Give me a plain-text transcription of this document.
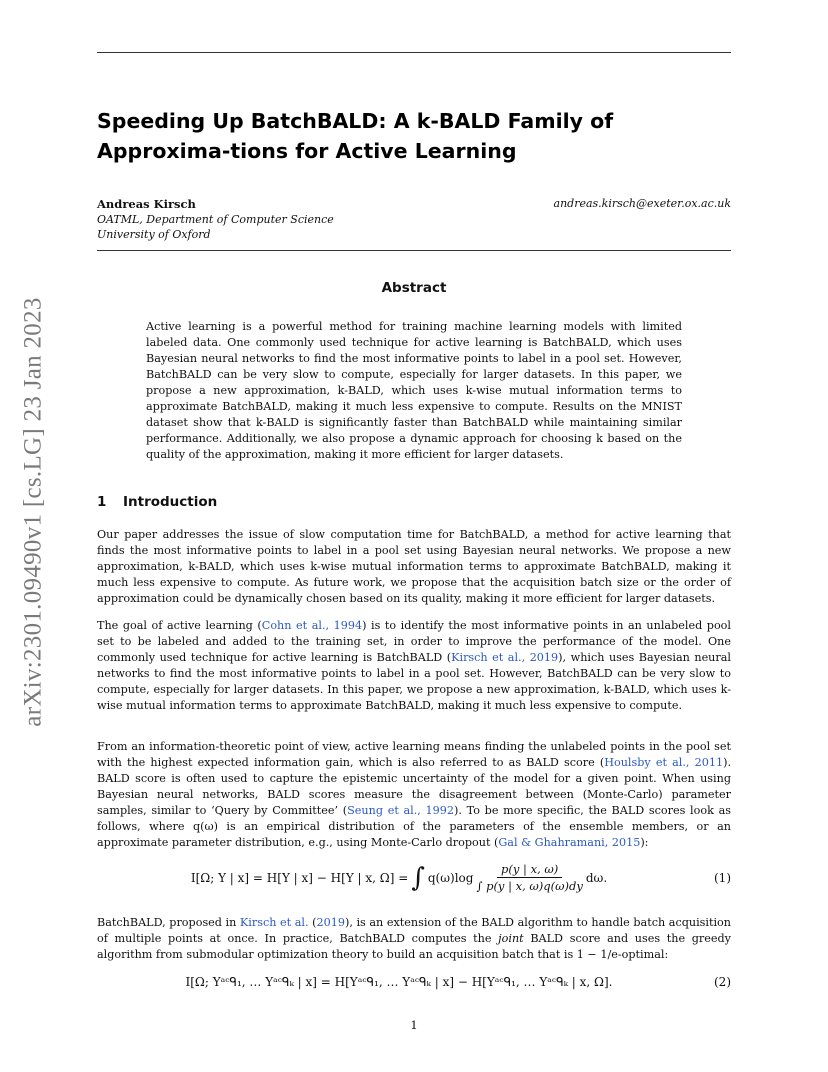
arXiv:2301.09490v1 [cs.LG] 23 Jan 2023
Speeding Up BatchBALD: A k-BALD Family of Approxima-tions for Active Learning
Andreas Kirsch	andreas.kirsch@exeter.ox.ac.uk
OATML, Department of Computer Science
University of Oxford
Abstract

Active learning is a powerful method for training machine learning models with limited labeled data. One commonly used technique for active learning is BatchBALD, which uses Bayesian neural networks to find the most informative points to label in a pool set. However, BatchBALD can be very slow to compute, especially for larger datasets. In this paper, we propose a new approximation, k-BALD, which uses k-wise mutual information terms to approximate BatchBALD, making it much less expensive to compute. Results on the MNIST dataset show that k-BALD is significantly faster than BatchBALD while maintaining similar performance. Additionally, we also propose a dynamic approach for choosing k based on the quality of the approximation, making it more efficient for larger datasets.

1 Introduction

Our paper addresses the issue of slow computation time for BatchBALD, a method for active learning that finds the most informative points to label in a pool set using Bayesian neural networks. We propose a new approximation, k-BALD, which uses k-wise mutual information terms to approximate BatchBALD, making it much less expensive to compute. As future work, we propose that the acquisition batch size or the order of approximation could be dynamically chosen based on its quality, making it more efficient for larger datasets.

The goal of active learning (Cohn et al., 1994) is to identify the most informative points in an unlabeled pool set to be labeled and added to the training set, in order to improve the performance of the model. One commonly used technique for active learning is BatchBALD (Kirsch et al., 2019), which uses Bayesian neural networks to find the most informative points to label in a pool set. However, BatchBALD can be very slow to compute, especially for larger datasets. In this paper, we propose a new approximation, k-BALD, which uses k-wise mutual information terms to approximate BatchBALD, making it much less expensive to compute.

From an information-theoretic point of view, active learning means finding the unlabeled points in the pool set with the highest expected information gain, which is also referred to as BALD score (Houlsby et al., 2011). BALD score is often used to capture the epistemic uncertainty of the model for a given point. When using Bayesian neural networks, BALD scores measure the disagreement between (Monte-Carlo) parameter samples, similar to ‘Query by Committee’ (Seung et al., 1992). To be more specific, the BALD scores look as follows, where q(ω) is an empirical distribution of the parameters of the ensemble members, or an approximate parameter distribution, e.g., using Monte-Carlo dropout (Gal & Ghahramani, 2015):

I[Ω; Y | x] = H[Y | x] − H[Y | x, Ω] = ∫ $q(\omega)\log \frac{p(y | x, \omega)}{\int p(y | x, \omega)q(\omega)dy} d\omega$.	(1)

BatchBALD, proposed in Kirsch et al. (2019), is an extension of the BALD algorithm to handle batch acquisition of multiple points at once. In practice, BatchBALD computes the joint BALD score and uses the greedy algorithm from submodular optimization theory to build an acquisition batch that is 1 − 1/e-optimal:

I[Ω; Yᵃᶜᑫ₁, … Yᵃᶜᑫₖ | x] = H[Yᵃᶜᑫ₁, … Yᵃᶜᑫₖ | x] − H[Yᵃᶜᑫ₁, … Yᵃᶜᑫₖ | x, Ω].	(2)
1
